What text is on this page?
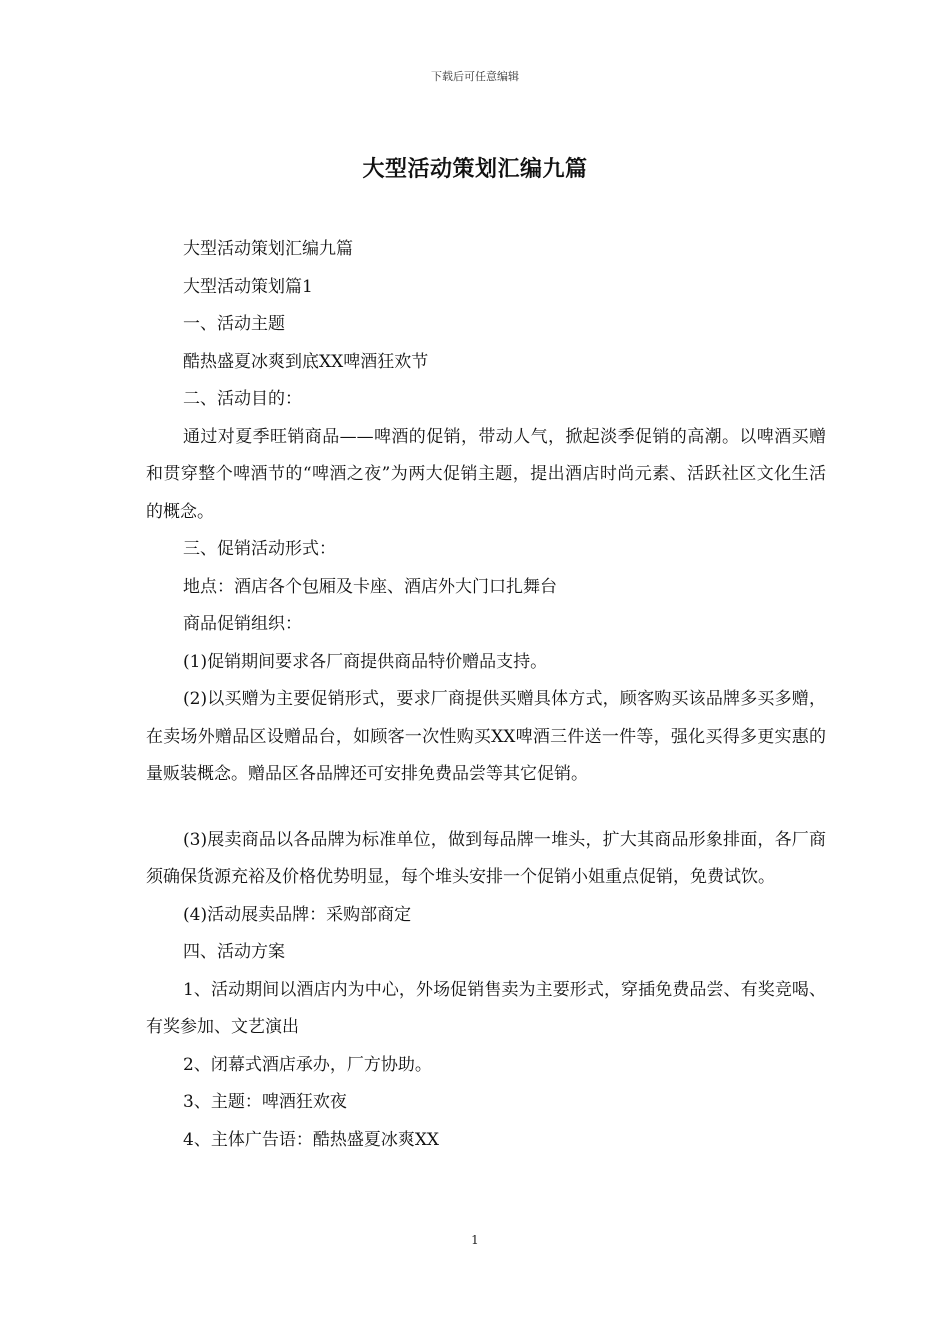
下载后可任意编辑
大型活动策划汇编九篇

大型活动策划汇编九篇

大型活动策划篇1

一、活动主题

酷热盛夏冰爽到底XX啤酒狂欢节

二、活动目的：

通过对夏季旺销商品——啤酒的促销，带动人气，掀起淡季促销的高潮。以啤酒买赠和贯穿整个啤酒节的“啤酒之夜”为两大促销主题，提出酒店时尚元素、活跃社区文化生活的概念。

三、促销活动形式：

地点：酒店各个包厢及卡座、酒店外大门口扎舞台

商品促销组织：

(1)促销期间要求各厂商提供商品特价赠品支持。

(2)以买赠为主要促销形式，要求厂商提供买赠具体方式，顾客购买该品牌多买多赠，在卖场外赠品区设赠品台，如顾客一次性购买XX啤酒三件送一件等，强化买得多更实惠的量贩装概念。赠品区各品牌还可安排免费品尝等其它促销。

(3)展卖商品以各品牌为标准单位，做到每品牌一堆头，扩大其商品形象排面，各厂商须确保货源充裕及价格优势明显，每个堆头安排一个促销小姐重点促销，免费试饮。

(4)活动展卖品牌：采购部商定

四、活动方案

1、活动期间以酒店内为中心，外场促销售卖为主要形式，穿插免费品尝、有奖竞喝、有奖参加、文艺演出

2、闭幕式酒店承办，厂方协助。

3、主题：啤酒狂欢夜

4、主体广告语：酷热盛夏冰爽XX

1
